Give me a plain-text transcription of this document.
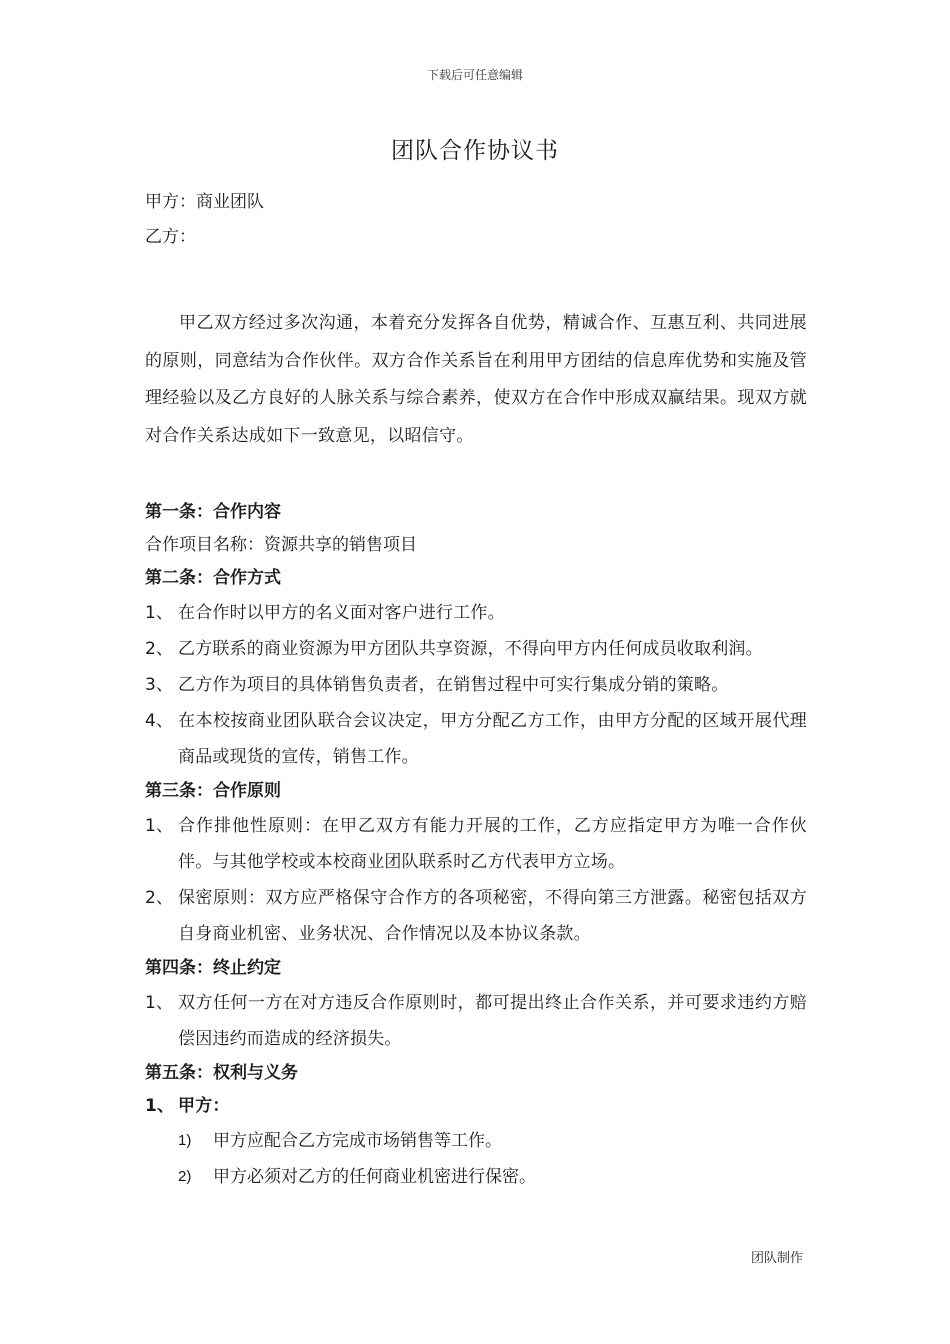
下载后可任意编辑
团队合作协议书

甲方：商业团队

乙方：

甲乙双方经过多次沟通，本着充分发挥各自优势，精诚合作、互惠互利、共同进展的原则，同意结为合作伙伴。双方合作关系旨在利用甲方团结的信息库优势和实施及管理经验以及乙方良好的人脉关系与综合素养，使双方在合作中形成双赢结果。现双方就对合作关系达成如下一致意见，以昭信守。

第一条：合作内容

合作项目名称：资源共享的销售项目

第二条：合作方式

1、 在合作时以甲方的名义面对客户进行工作。
2、 乙方联系的商业资源为甲方团队共享资源，不得向甲方内任何成员收取利润。
3、 乙方作为项目的具体销售负责者，在销售过程中可实行集成分销的策略。
4、 在本校按商业团队联合会议决定，甲方分配乙方工作，由甲方分配的区域开展代理商品或现货的宣传，销售工作。

第三条：合作原则

1、 合作排他性原则：在甲乙双方有能力开展的工作，乙方应指定甲方为唯一合作伙伴。与其他学校或本校商业团队联系时乙方代表甲方立场。
2、 保密原则：双方应严格保守合作方的各项秘密，不得向第三方泄露。秘密包括双方自身商业机密、业务状况、合作情况以及本协议条款。

第四条：终止约定

1、 双方任何一方在对方违反合作原则时，都可提出终止合作关系，并可要求违约方赔偿因违约而造成的经济损失。

第五条：权利与义务

1、 甲方：
1) 甲方应配合乙方完成市场销售等工作。
2) 甲方必须对乙方的任何商业机密进行保密。
团队制作
